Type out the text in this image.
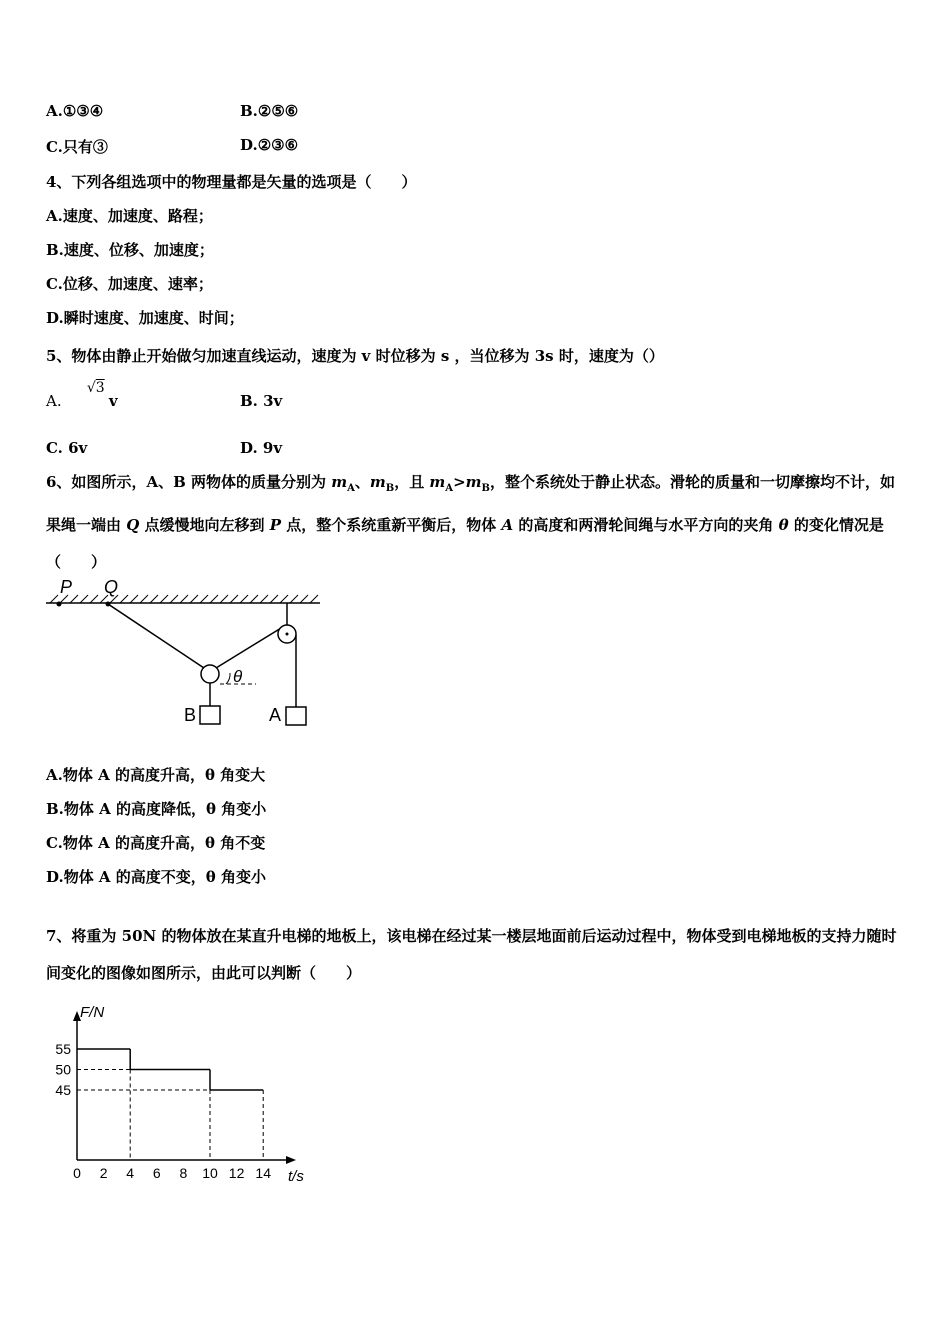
A.①③④	B.②⑤⑥
C.只有③	D.②③⑥
4、下列各组选项中的物理量都是矢量的选项是（　　）
A.速度、加速度、路程；
B.速度、位移、加速度；
C.位移、加速度、速率；
D.瞬时速度、加速度、时间；
5、物体由静止开始做匀加速直线运动，速度为 v 时位移为 s ，当位移为 3s 时，速度为（）
A.
√3
v	B. 3v
C. 6v	D. 9v
6、如图所示，A、B 两物体的质量分别为 $m_A$、$m_B$，且 $m_A>m_B$，整个系统处于静止状态。滑轮的质量和一切摩擦均不计，如果绳一端由 Q 点缓慢地向左移到 P 点，整个系统重新平衡后，物体 A 的高度和两滑轮间绳与水平方向的夹角 θ 的变化情况是（　　）
P Q
θ
B	A
A.物体 A 的高度升高，θ 角变大
B.物体 A 的高度降低，θ 角变小
C.物体 A 的高度升高，θ 角不变
D.物体 A 的高度不变，θ 角变小
7、将重为 50N 的物体放在某直升电梯的地板上，该电梯在经过某一楼层地面前后运动过程中，物体受到电梯地板的支持力随时间变化的图像如图所示，由此可以判断（　　）
45
50
55
0 2 4 6 8 10 12 14
F/N
t/s
